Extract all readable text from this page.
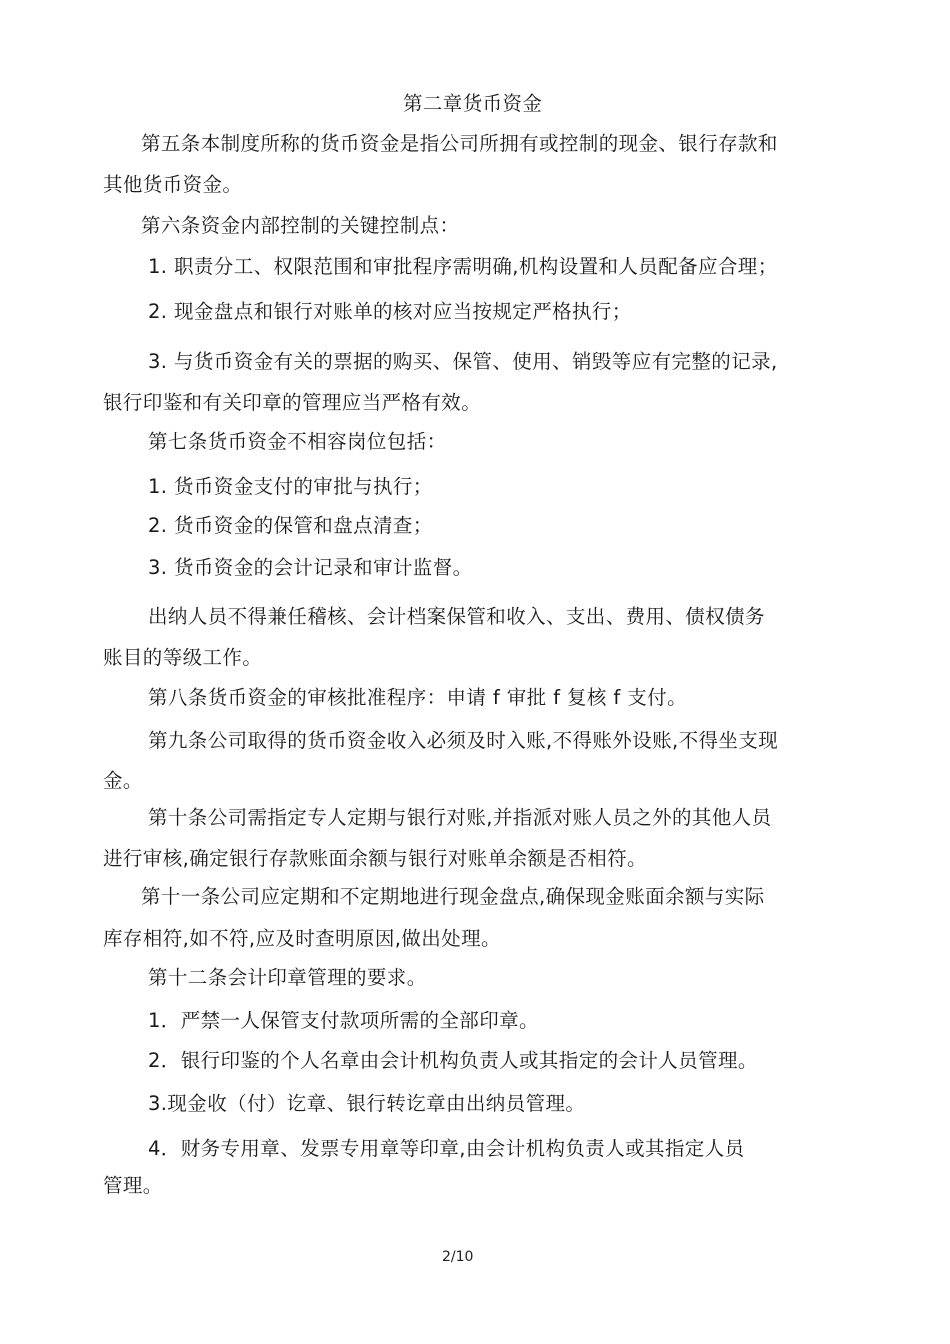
第二章货币资金
第五条本制度所称的货币资金是指公司所拥有或控制的现金、银行存款和
其他货币资金。
第六条资金内部控制的关键控制点：
1. 职责分工、权限范围和审批程序需明确,机构设置和人员配备应合理；
2. 现金盘点和银行对账单的核对应当按规定严格执行；
3. 与货币资金有关的票据的购买、保管、使用、销毁等应有完整的记录,
银行印鉴和有关印章的管理应当严格有效。
第七条货币资金不相容岗位包括：
1. 货币资金支付的审批与执行；
2. 货币资金的保管和盘点清查；
3. 货币资金的会计记录和审计监督。
出纳人员不得兼任稽核、会计档案保管和收入、支出、费用、债权债务
账目的等级工作。
第八条货币资金的审核批准程序：申请 f 审批 f 复核 f 支付。
第九条公司取得的货币资金收入必须及时入账,不得账外设账,不得坐支现
金。
第十条公司需指定专人定期与银行对账,并指派对账人员之外的其他人员
进行审核,确定银行存款账面余额与银行对账单余额是否相符。
第十一条公司应定期和不定期地进行现金盘点,确保现金账面余额与实际
库存相符,如不符,应及时查明原因,做出处理。
第十二条会计印章管理的要求。
1．严禁一人保管支付款项所需的全部印章。
2．银行印鉴的个人名章由会计机构负责人或其指定的会计人员管理。
3.现金收（付）讫章、银行转讫章由出纳员管理。
4．财务专用章、发票专用章等印章,由会计机构负责人或其指定人员
管理。
2/10
